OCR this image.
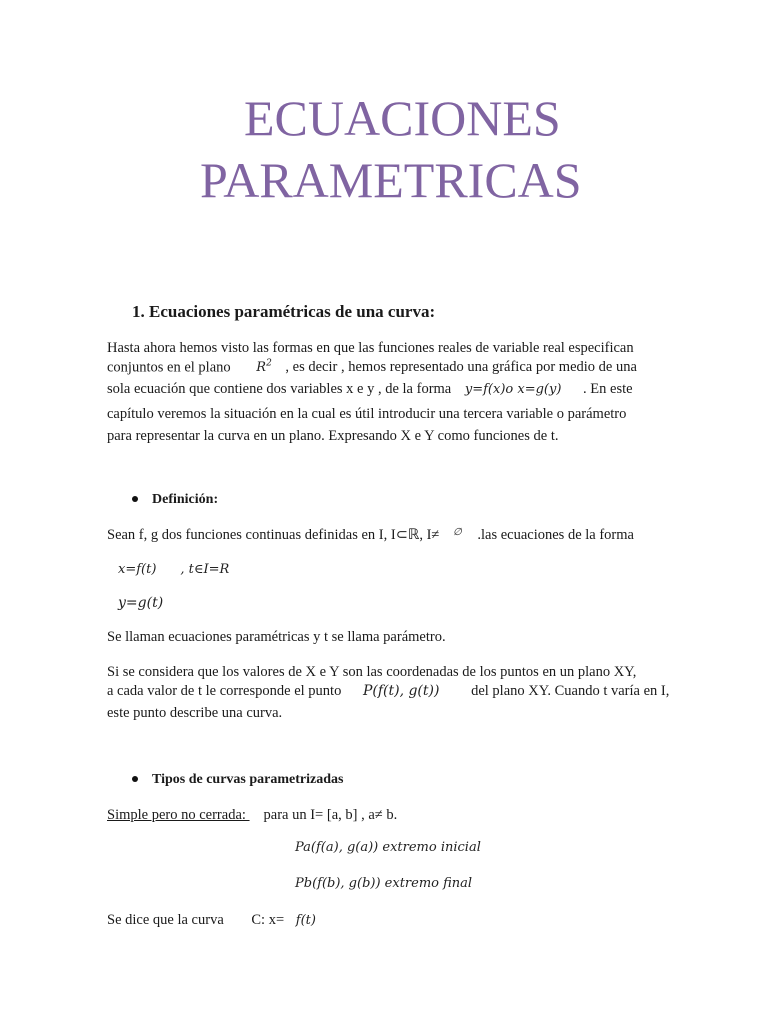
ECUACIONES
PARAMETRICAS
1. Ecuaciones paramétricas de una curva:
Hasta ahora hemos visto las formas en que las funciones reales de variable real especifican
conjuntos en el plano $R^2$ , es decir , hemos representado una gráfica por medio de una
sola ecuación que contiene dos variables x e y , de la forma y=f(x)o x=g(y) . En este
capítulo veremos la situación en la cual es útil introducir una tercera variable o parámetro
para representar la curva en un plano. Expresando X e Y como funciones de t.
Definición:
Sean f, g dos funciones continuas definidas en I, I⊂ℝ, I≠ ∅ .las ecuaciones de la forma
x=f(t) , t∈I=R
y=g(t)
Se llaman ecuaciones paramétricas y t se llama parámetro.
Si se considera que los valores de X e Y son las coordenadas de los puntos en un plano XY,
a cada valor de t le corresponde el punto P(f(t), g(t)) del plano XY. Cuando t varía en I,
este punto describe una curva.
Tipos de curvas parametrizadas
Simple pero no cerrada: para un I= [a, b] , a≠ b.
Pa(f(a), g(a)) extremo inicial
Pb(f(b), g(b)) extremo final
Se dice que la curva C: x= f(t)
